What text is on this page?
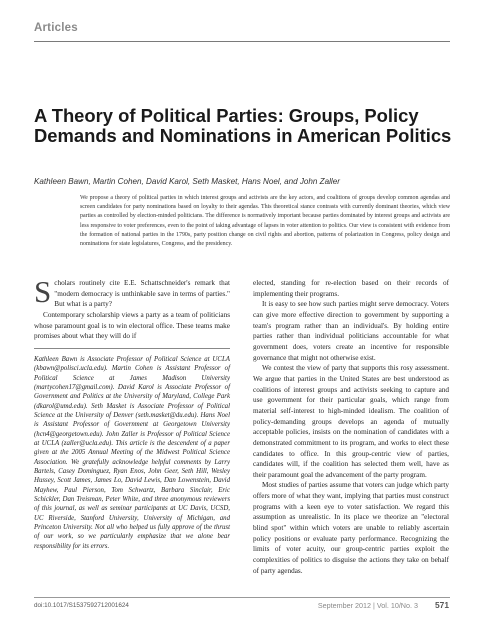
Articles
A Theory of Political Parties: Groups, Policy Demands and Nominations in American Politics
Kathleen Bawn, Martin Cohen, David Karol, Seth Masket, Hans Noel, and John Zaller

We propose a theory of political parties in which interest groups and activists are the key actors, and coalitions of groups develop common agendas and screen candidates for party nominations based on loyalty to their agendas. This theoretical stance contrasts with currently dominant theories, which view parties as controlled by election-minded politicians. The difference is normatively important because parties dominated by interest groups and activists are less responsive to voter preferences, even to the point of taking advantage of lapses in voter attention to politics. Our view is consistent with evidence from the formation of national parties in the 1790s, party position change on civil rights and abortion, patterns of polarization in Congress, policy design and nominations for state legislatures, Congress, and the presidency.

Scholars routinely cite E.E. Schattschneider's remark that "modern democracy is unthinkable save in terms of parties." But what is a party?

Contemporary scholarship views a party as a team of politicians whose paramount goal is to win electoral office. These teams make promises about what they will do if

Kathleen Bawn is Associate Professor of Political Science at UCLA (kbawn@polisci.ucla.edu). Martin Cohen is Assistant Professor of Political Science at James Madison University (martycohen17@gmail.com). David Karol is Associate Professor of Government and Politics at the University of Maryland, College Park (dkarol@umd.edu). Seth Masket is Associate Professor of Political Science at the University of Denver (seth.masket@du.edu). Hans Noel is Assistant Professor of Government at Georgetown University (hcn4@georgetown.edu). John Zaller is Professor of Political Science at UCLA (zaller@ucla.edu). This article is the descendent of a paper given at the 2005 Annual Meeting of the Midwest Political Science Association. We gratefully acknowledge helpful comments by Larry Bartels, Casey Dominguez, Ryan Enos, John Geer, Seth Hill, Wesley Hussey, Scott James, James Lo, David Lewis, Dan Lowenstein, David Mayhew, Paul Pierson, Tom Schwartz, Barbara Sinclair, Eric Schickler, Dan Treisman, Peter White, and three anonymous reviewers of this journal, as well as seminar participants at UC Davis, UCSD, UC Riverside, Stanford University, University of Michigan, and Princeton University. Not all who helped us fully approve of the thrust of our work, so we particularly emphasize that we alone bear responsibility for its errors.

elected, standing for re-election based on their records of implementing their programs.

It is easy to see how such parties might serve democracy. Voters can give more effective direction to government by supporting a team's program rather than an individual's. By holding entire parties rather than individual politicians accountable for what government does, voters create an incentive for responsible governance that might not otherwise exist.

We contest the view of party that supports this rosy assessment. We argue that parties in the United States are best understood as coalitions of interest groups and activists seeking to capture and use government for their particular goals, which range from material self-interest to high-minded idealism. The coalition of policy-demanding groups develops an agenda of mutually acceptable policies, insists on the nomination of candidates with a demonstrated commitment to its program, and works to elect these candidates to office. In this group-centric view of parties, candidates will, if the coalition has selected them well, have as their paramount goal the advancement of the party program.

Most studies of parties assume that voters can judge which party offers more of what they want, implying that parties must construct programs with a keen eye to voter satisfaction. We regard this assumption as unrealistic. In its place we theorize an "electoral blind spot" within which voters are unable to reliably ascertain policy positions or evaluate party performance. Recognizing the limits of voter acuity, our group-centric parties exploit the complexities of politics to disguise the actions they take on behalf of party agendas.

doi:10.1017/S1537592712001624	September 2012 | Vol. 10/No. 3 571
